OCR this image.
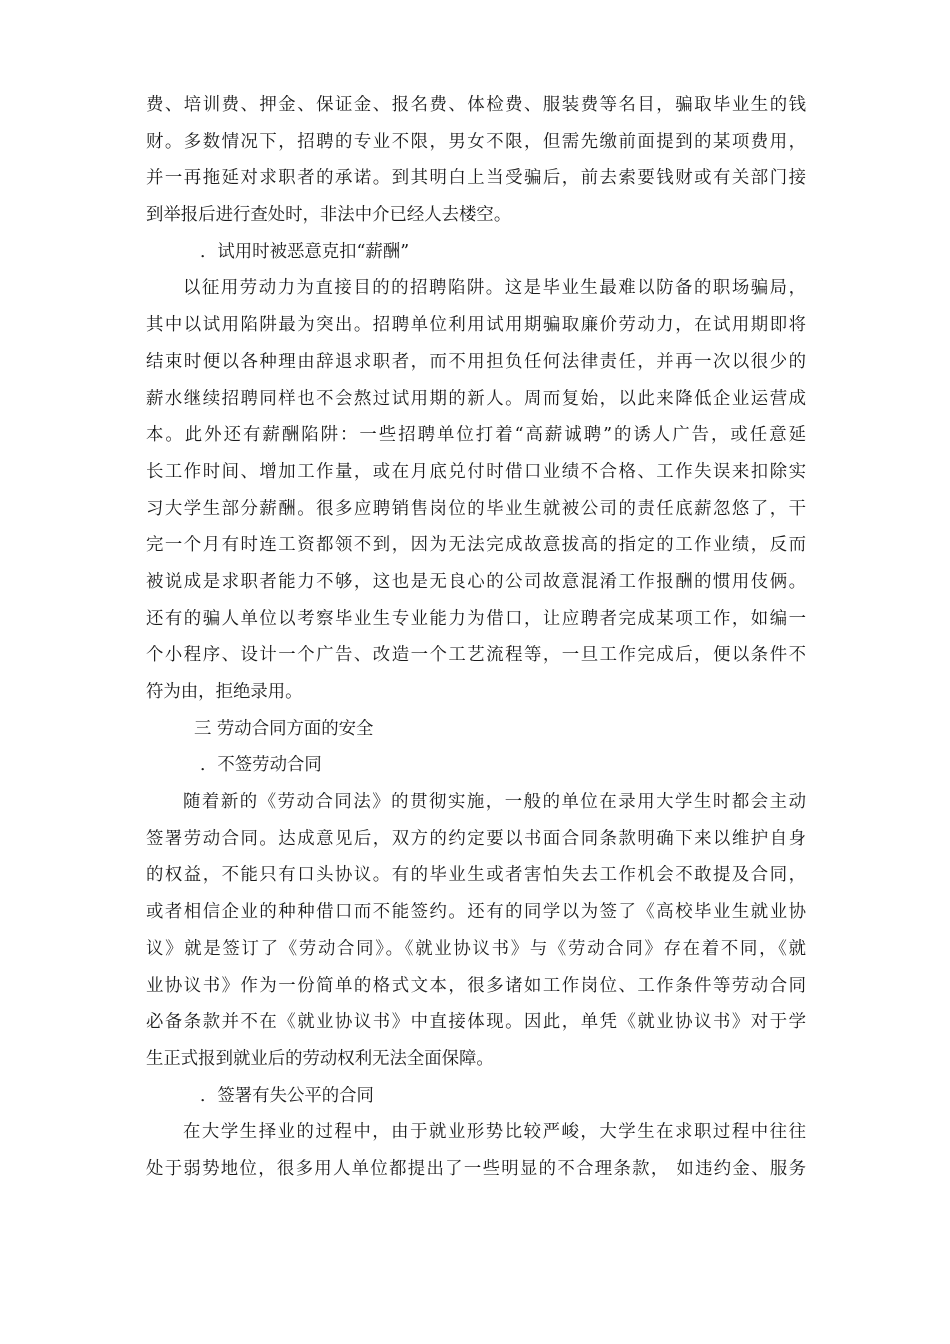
费、培训费、押金、保证金、报名费、体检费、服装费等名目，骗取毕业生的钱
财。多数情况下，招聘的专业不限，男女不限，但需先缴前面提到的某项费用，
并一再拖延对求职者的承诺。到其明白上当受骗后，前去索要钱财或有关部门接
到举报后进行查处时，非法中介已经人去楼空。
．试用时被恶意克扣“薪酬”
以征用劳动力为直接目的的招聘陷阱。这是毕业生最难以防备的职场骗局，
其中以试用陷阱最为突出。招聘单位利用试用期骗取廉价劳动力，在试用期即将
结束时便以各种理由辞退求职者，而不用担负任何法律责任，并再一次以很少的
薪水继续招聘同样也不会熬过试用期的新人。周而复始，以此来降低企业运营成
本。此外还有薪酬陷阱：一些招聘单位打着“高薪诚聘”的诱人广告，或任意延
长工作时间、增加工作量，或在月底兑付时借口业绩不合格、工作失误来扣除实
习大学生部分薪酬。很多应聘销售岗位的毕业生就被公司的责任底薪忽悠了，干
完一个月有时连工资都领不到，因为无法完成故意拔高的指定的工作业绩，反而
被说成是求职者能力不够，这也是无良心的公司故意混淆工作报酬的惯用伎俩。
还有的骗人单位以考察毕业生专业能力为借口，让应聘者完成某项工作，如编一
个小程序、设计一个广告、改造一个工艺流程等，一旦工作完成后，便以条件不
符为由，拒绝录用。
三 劳动合同方面的安全
．不签劳动合同
随着新的《劳动合同法》的贯彻实施，一般的单位在录用大学生时都会主动
签署劳动合同。达成意见后，双方的约定要以书面合同条款明确下来以维护自身
的权益，不能只有口头协议。有的毕业生或者害怕失去工作机会不敢提及合同，
或者相信企业的种种借口而不能签约。还有的同学以为签了《高校毕业生就业协
议》就是签订了《劳动合同》。《就业协议书》与《劳动合同》存在着不同，《就
业协议书》作为一份简单的格式文本，很多诸如工作岗位、工作条件等劳动合同
必备条款并不在《就业协议书》中直接体现。因此，单凭《就业协议书》对于学
生正式报到就业后的劳动权利无法全面保障。
．签署有失公平的合同
在大学生择业的过程中，由于就业形势比较严峻，大学生在求职过程中往往
处于弱势地位，很多用人单位都提出了一些明显的不合理条款， 如违约金、服务
